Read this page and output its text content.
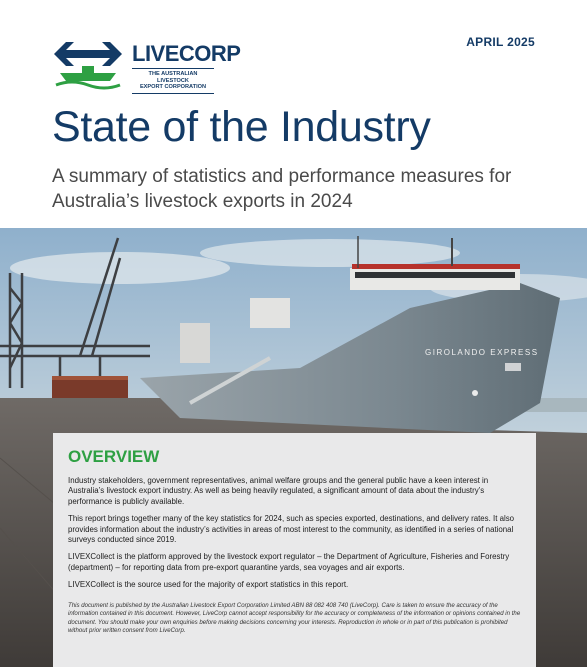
LIVECORP
THE AUSTRALIAN LIVESTOCK
EXPORT CORPORATION
APRIL 2025
State of the Industry

A summary of statistics and performance measures for Australia’s livestock exports in 2024

GIROLANDO EXPRESS
OVERVIEW

Industry stakeholders, government representatives, animal welfare groups and the general public have a keen interest in Australia’s livestock export industry. As well as being heavily regulated, a significant amount of data about the industry’s performance is publicly available.

This report brings together many of the key statistics for 2024, such as species exported, destinations, and delivery rates. It also provides information about the industry’s activities in areas of most interest to the community, as identified in a series of national surveys conducted since 2019.

LIVEXCollect is the platform approved by the livestock export regulator – the Department of Agriculture, Fisheries and Forestry (department) – for reporting data from pre-export quarantine yards, sea voyages and air exports.

LIVEXCollect is the source used for the majority of export statistics in this report.

This document is published by the Australian Livestock Export Corporation Limited ABN 88 082 408 740 (LiveCorp). Care is taken to ensure the accuracy of the information contained in this document. However, LiveCorp cannot accept responsibility for the accuracy or completeness of the information or opinions contained in the document. You should make your own enquiries before making decisions concerning your interests. Reproduction in whole or in part of this publication is prohibited without prior written consent from LiveCorp.
